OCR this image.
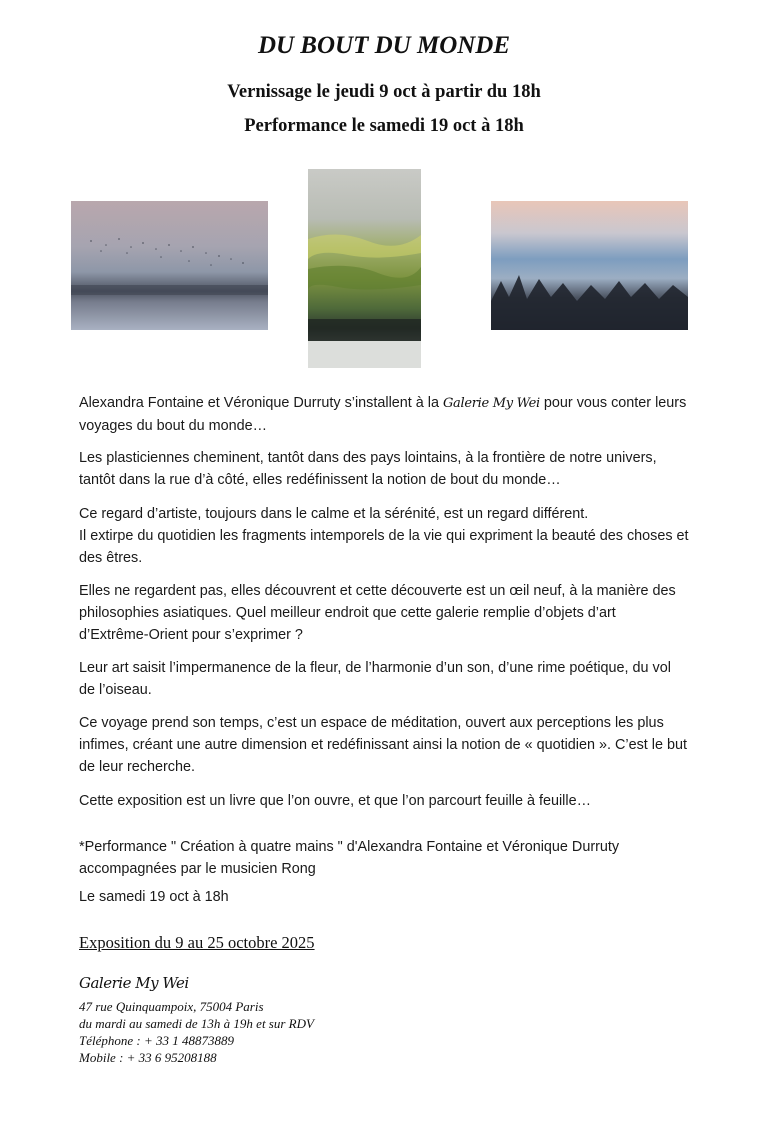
DU BOUT DU MONDE
Vernissage le jeudi 9 oct à partir du 18h
Performance le samedi 19 oct à 18h

Alexandra Fontaine et Véronique Durruty s’installent à la Galerie My Wei pour vous conter leurs voyages du bout du monde…

Les plasticiennes cheminent, tantôt dans des pays lointains, à la frontière de notre univers, tantôt dans la rue d’à côté, elles redéfinissent la notion de bout du monde…

Ce regard d’artiste, toujours dans le calme et la sérénité, est un regard différent.

Il extirpe du quotidien les fragments intemporels de la vie qui expriment la beauté des choses et des êtres.

Elles ne regardent pas, elles découvrent et cette découverte est un œil neuf, à la manière des philosophies asiatiques. Quel meilleur endroit que cette galerie remplie d’objets d’art d’Extrême-Orient pour s’exprimer ?

Leur art saisit l’impermanence de la fleur, de l’harmonie d’un son, d’une rime poétique, du vol de l’oiseau.

Ce voyage prend son temps, c’est un espace de méditation, ouvert aux perceptions les plus infimes, créant une autre dimension et redéfinissant ainsi la notion de « quotidien ». C’est le but de leur recherche.

Cette exposition est un livre que l’on ouvre, et que l’on parcourt feuille à feuille…

*Performance " Création à quatre mains " d'Alexandra Fontaine et Véronique Durruty accompagnées par le musicien Rong

Le samedi 19 oct à 18h

Exposition du 9 au 25 octobre 2025
Galerie My Wei
47 rue Quinquampoix, 75004 Paris
du mardi au samedi de 13h à 19h et sur RDV
Téléphone : + 33 1 48873889
Mobile : + 33 6 95208188
